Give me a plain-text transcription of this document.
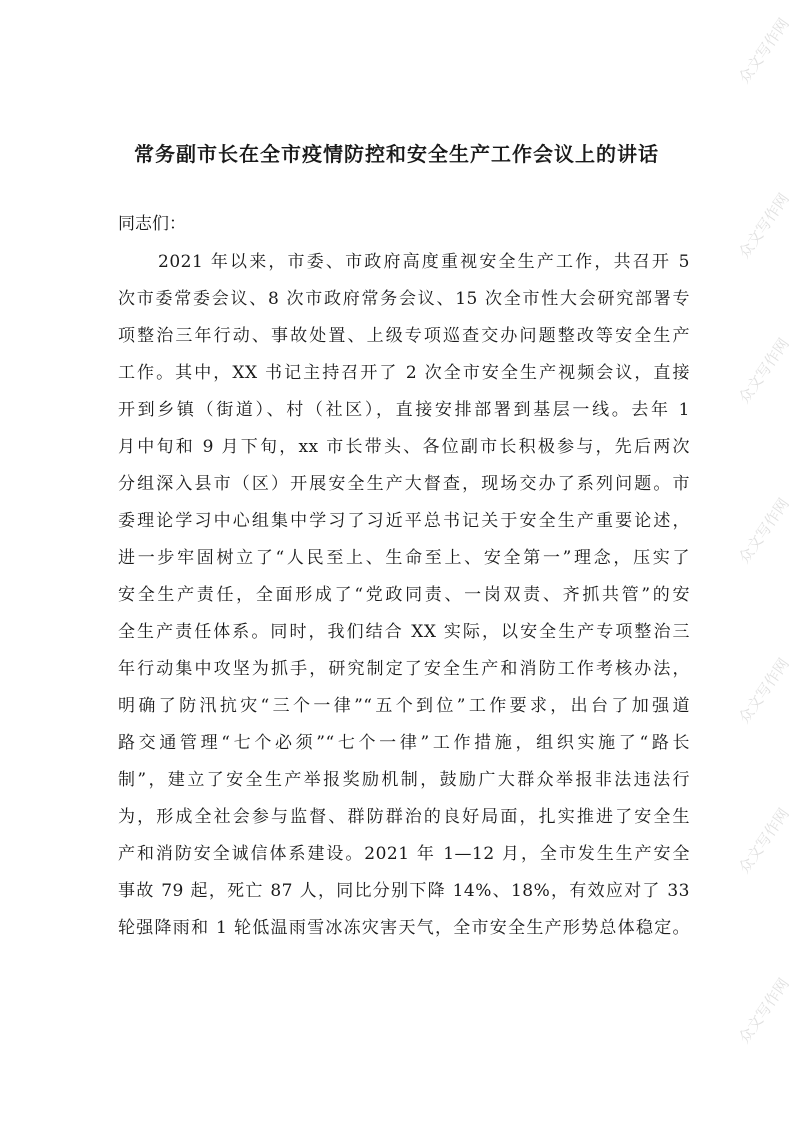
常务副市长在全市疫情防控和安全生产工作会议上的讲话

同志们：

2021 年以来，市委、市政府高度重视安全生产工作，共召开 5
次市委常委会议、8 次市政府常务会议、15 次全市性大会研究部署专
项整治三年行动、事故处置、上级专项巡查交办问题整改等安全生产
工作。其中，XX 书记主持召开了 2 次全市安全生产视频会议，直接
开到乡镇（街道）、村（社区），直接安排部署到基层一线。去年 1
月中旬和 9 月下旬，xx 市长带头、各位副市长积极参与，先后两次
分组深入县市（区）开展安全生产大督查，现场交办了系列问题。市
委理论学习中心组集中学习了习近平总书记关于安全生产重要论述，
进一步牢固树立了“人民至上、生命至上、安全第一”理念，压实了
安全生产责任，全面形成了“党政同责、一岗双责、齐抓共管”的安
全生产责任体系。同时，我们结合 XX 实际，以安全生产专项整治三
年行动集中攻坚为抓手，研究制定了安全生产和消防工作考核办法，
明确了防汛抗灾“三个一律”“五个到位”工作要求，出台了加强道
路交通管理“七个必须”“七个一律”工作措施，组织实施了“路长
制”，建立了安全生产举报奖励机制，鼓励广大群众举报非法违法行
为，形成全社会参与监督、群防群治的良好局面，扎实推进了安全生
产和消防安全诚信体系建设。2021 年 1—12 月，全市发生生产安全
事故 79 起，死亡 87 人，同比分别下降 14%、18%，有效应对了 33
轮强降雨和 1 轮低温雨雪冰冻灾害天气，全市安全生产形势总体稳定。
众文写作网
众文写作网
众文写作网
众文写作网
众文写作网
众文写作网
众文写作网
